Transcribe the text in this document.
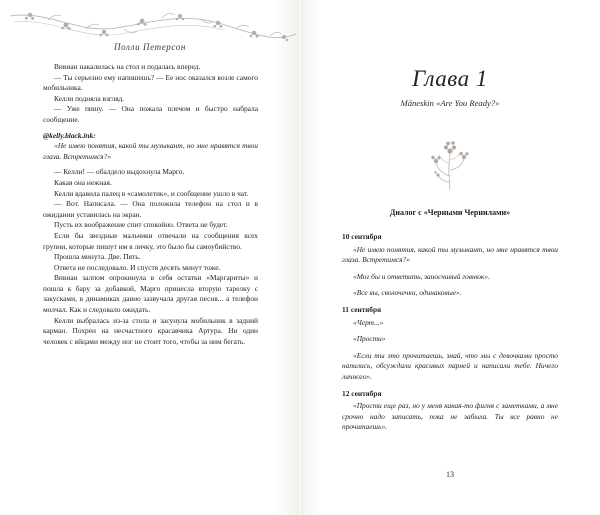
Полли Петерсон

Вивиан накалилась на стол и подалась вперед.

— Ты серьезно ему напишешь? — Ее нос оказался возле самого мобильника.

Келли подняла взгляд.

— Уже пишу. — Она пожала плечом и быстро набрала сообщение.

@kelly.black.ink:

«Не имею понятия, какой ты музыкант, но мне нравятся твои глаза. Встретимся?»

— Келли! — обалдело выдохнула Марго.

Какая она нежная.

Келли вдавила палец в «самолетик», и сообщение ушло в чат.

— Вот. Написала. — Она положила телефон на стол и в ожидании уставилась на экран.

Пусть их воображение спит спокойно. Ответа не будет.

Если бы звездные мальчики отвечали на сообщения всех групни, которые пишут им в личку, это было бы самоубийство.

Прошла минута. Две. Пять.

Ответа не последовало. И спустя десять минут тоже.

Вивиан залпом опрокинула в себя остатки «Маргариты» и пошла к бару за добавкой, Марго принесла вторую тарелку с закусками, в динамиках давно зазвучала другая песня... а телефон молчал. Как и следовало ожидать.

Келли выбралась из-за стола и засунула мобильник в задний карман. Похрен на несчастного красавчика Артура. Ни один человек с яйцами между ног не стоит того, чтобы за ним бегать.

Глава 1
Måneskin «Are You Ready?»
Диалог с «Черными Чернилами»

10 сентября

«Не имею понятия, какой ты музыкант, но мне нравятся твои глаза. Встретимся?»

«Мог бы и ответить, заносчивый говнюк».

«Все вы, сволочечки, одинаковые».

11 сентября

«Черт...»

«Прости»

«Если ты это прочитаешь, знай, что мы с девочками просто напились, обсуждали красивых парней и написали тебе. Ничего личного».

12 сентября

«Прости еще раз, но у меня какая-то фигня с заметками, а мне срочно надо записать, пока не забыла. Ты все равно не прочитаешь».

13
